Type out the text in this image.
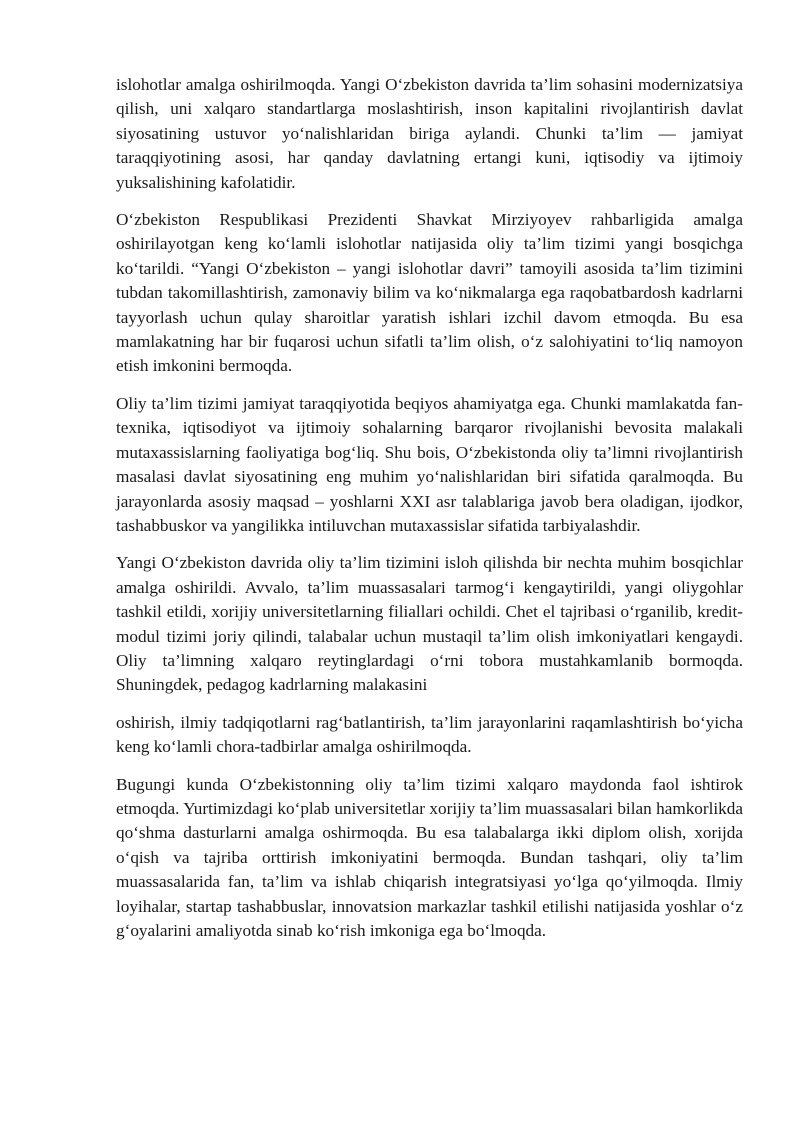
islohotlar amalga oshirilmoqda. Yangi O‘zbekiston davrida ta’lim sohasini modernizatsiya qilish, uni xalqaro standartlarga moslashtirish, inson kapitalini rivojlantirish davlat siyosatining ustuvor yo‘nalishlaridan biriga aylandi. Chunki ta’lim — jamiyat taraqqiyotining asosi, har qanday davlatning ertangi kuni, iqtisodiy va ijtimoiy yuksalishining kafolatidir.

O‘zbekiston Respublikasi Prezidenti Shavkat Mirziyoyev rahbarligida amalga oshirilayotgan keng ko‘lamli islohotlar natijasida oliy ta’lim tizimi yangi bosqichga ko‘tarildi. “Yangi O‘zbekiston – yangi islohotlar davri” tamoyili asosida ta’lim tizimini tubdan takomillashtirish, zamonaviy bilim va ko‘nikmalarga ega raqobatbardosh kadrlarni tayyorlash uchun qulay sharoitlar yaratish ishlari izchil davom etmoqda. Bu esa mamlakatning har bir fuqarosi uchun sifatli ta’lim olish, o‘z salohiyatini to‘liq namoyon etish imkonini bermoqda.

Oliy ta’lim tizimi jamiyat taraqqiyotida beqiyos ahamiyatga ega. Chunki mamlakatda fan-texnika, iqtisodiyot va ijtimoiy sohalarning barqaror rivojlanishi bevosita malakali mutaxassislarning faoliyatiga bog‘liq. Shu bois, O‘zbekistonda oliy ta’limni rivojlantirish masalasi davlat siyosatining eng muhim yo‘nalishlaridan biri sifatida qaralmoqda. Bu jarayonlarda asosiy maqsad – yoshlarni XXI asr talablariga javob bera oladigan, ijodkor, tashabbuskor va yangilikka intiluvchan mutaxassislar sifatida tarbiyalashdir.

Yangi O‘zbekiston davrida oliy ta’lim tizimini isloh qilishda bir nechta muhim bosqichlar amalga oshirildi. Avvalo, ta’lim muassasalari tarmog‘i kengaytirildi, yangi oliygohlar tashkil etildi, xorijiy universitetlarning filiallari ochildi. Chet el tajribasi o‘rganilib, kredit-modul tizimi joriy qilindi, talabalar uchun mustaqil ta’lim olish imkoniyatlari kengaydi. Oliy ta’limning xalqaro reytinglardagi o‘rni tobora mustahkamlanib bormoqda. Shuningdek, pedagog kadrlarning malakasini

oshirish, ilmiy tadqiqotlarni rag‘batlantirish, ta’lim jarayonlarini raqamlashtirish bo‘yicha keng ko‘lamli chora-tadbirlar amalga oshirilmoqda.

Bugungi kunda O‘zbekistonning oliy ta’lim tizimi xalqaro maydonda faol ishtirok etmoqda. Yurtimizdagi ko‘plab universitetlar xorijiy ta’lim muassasalari bilan hamkorlikda qo‘shma dasturlarni amalga oshirmoqda. Bu esa talabalarga ikki diplom olish, xorijda o‘qish va tajriba orttirish imkoniyatini bermoqda. Bundan tashqari, oliy ta’lim muassasalarida fan, ta’lim va ishlab chiqarish integratsiyasi yo‘lga qo‘yilmoqda. Ilmiy loyihalar, startap tashabbuslar, innovatsion markazlar tashkil etilishi natijasida yoshlar o‘z g‘oyalarini amaliyotda sinab ko‘rish imkoniga ega bo‘lmoqda.
